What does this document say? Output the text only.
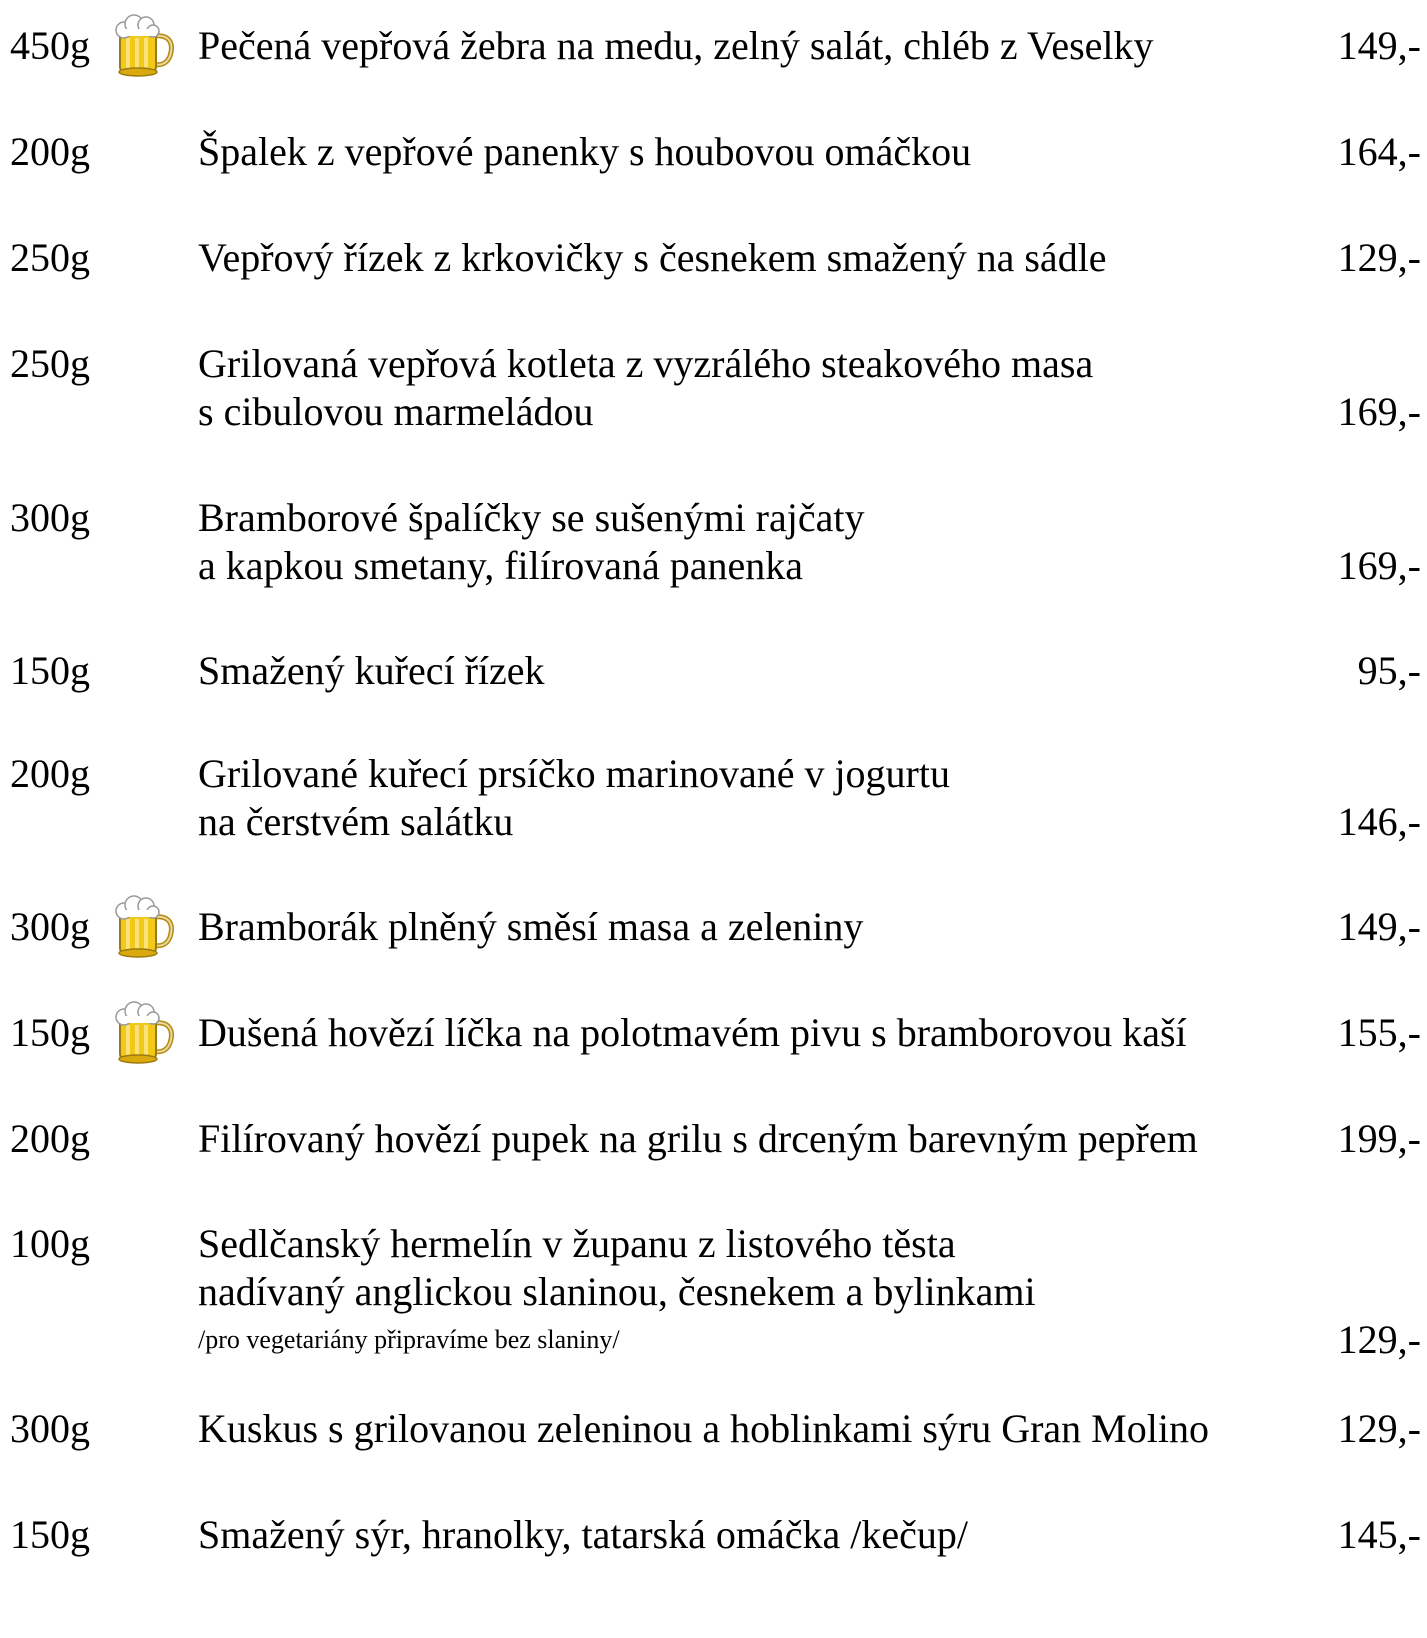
450g	Pečená vepřová žebra na medu, zelný salát, chléb z Veselky	149,-
200g	Špalek z vepřové panenky s houbovou omáčkou	164,-
250g	Vepřový řízek z krkovičky s česnekem smažený na sádle	129,-
250g	Grilovaná vepřová kotleta z vyzrálého steakového masa
s cibulovou marmeládou	169,-
300g	Bramborové špalíčky se sušenými rajčaty
a kapkou smetany, filírovaná panenka	169,-
150g	Smažený kuřecí řízek	95,-
200g	Grilované kuřecí prsíčko marinované v jogurtu
na čerstvém salátku	146,-
300g	Bramborák plněný směsí masa a zeleniny	149,-
150g	Dušená hovězí líčka na polotmavém pivu s bramborovou kaší	155,-
200g	Filírovaný hovězí pupek na grilu s drceným barevným pepřem	199,-
100g	Sedlčanský hermelín v županu z listového těsta
nadívaný anglickou slaninou, česnekem a bylinkami
/pro vegetariány připravíme bez slaniny/	129,-
300g	Kuskus s grilovanou zeleninou a hoblinkami sýru Gran Molino	129,-
150g	Smažený sýr, hranolky, tatarská omáčka /kečup/	145,-
